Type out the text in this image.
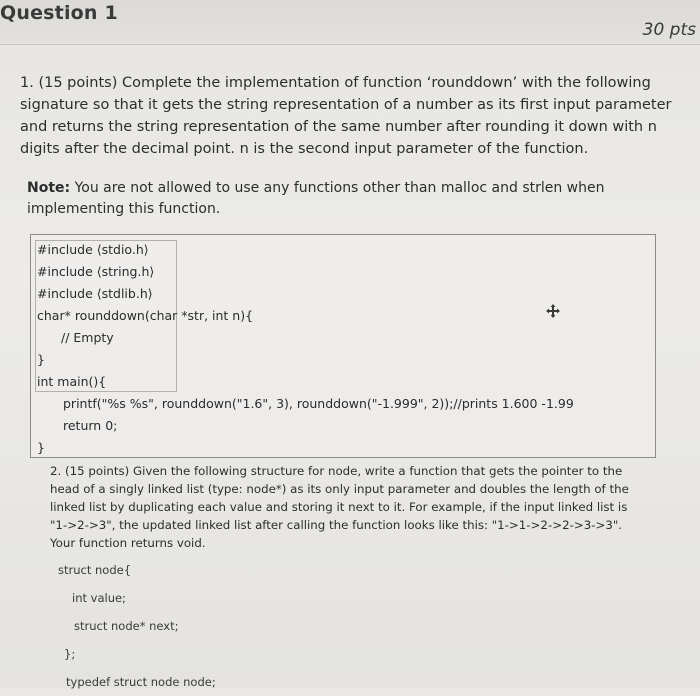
Question 1
30 pts
1. (15 points) Complete the implementation of function ‘rounddown’ with the following signature so that it gets the string representation of a number as its first input parameter and returns the string representation of the same number after rounding it down with n digits after the decimal point. n is the second input parameter of the function.
Note: You are not allowed to use any functions other than malloc and strlen when implementing this function.
#include ⟨stdio.h⟩
#include ⟨string.h⟩
#include ⟨stdlib.h⟩
char* rounddown(char *str, int n){
// Empty
}
int main(){
printf("%s %s", rounddown("1.6", 3), rounddown("-1.999", 2));//prints 1.600 -1.99
return 0;
}
2. (15 points) Given the following structure for node, write a function that gets the pointer to the head of a singly linked list (type: node*) as its only input parameter and doubles the length of the linked list by duplicating each value and storing it next to it. For example, if the input linked list is "1->2->3", the updated linked list after calling the function looks like this: "1->1->2->2->3->3". Your function returns void.
struct node{
int value;
struct node* next;
};
typedef struct node node;
